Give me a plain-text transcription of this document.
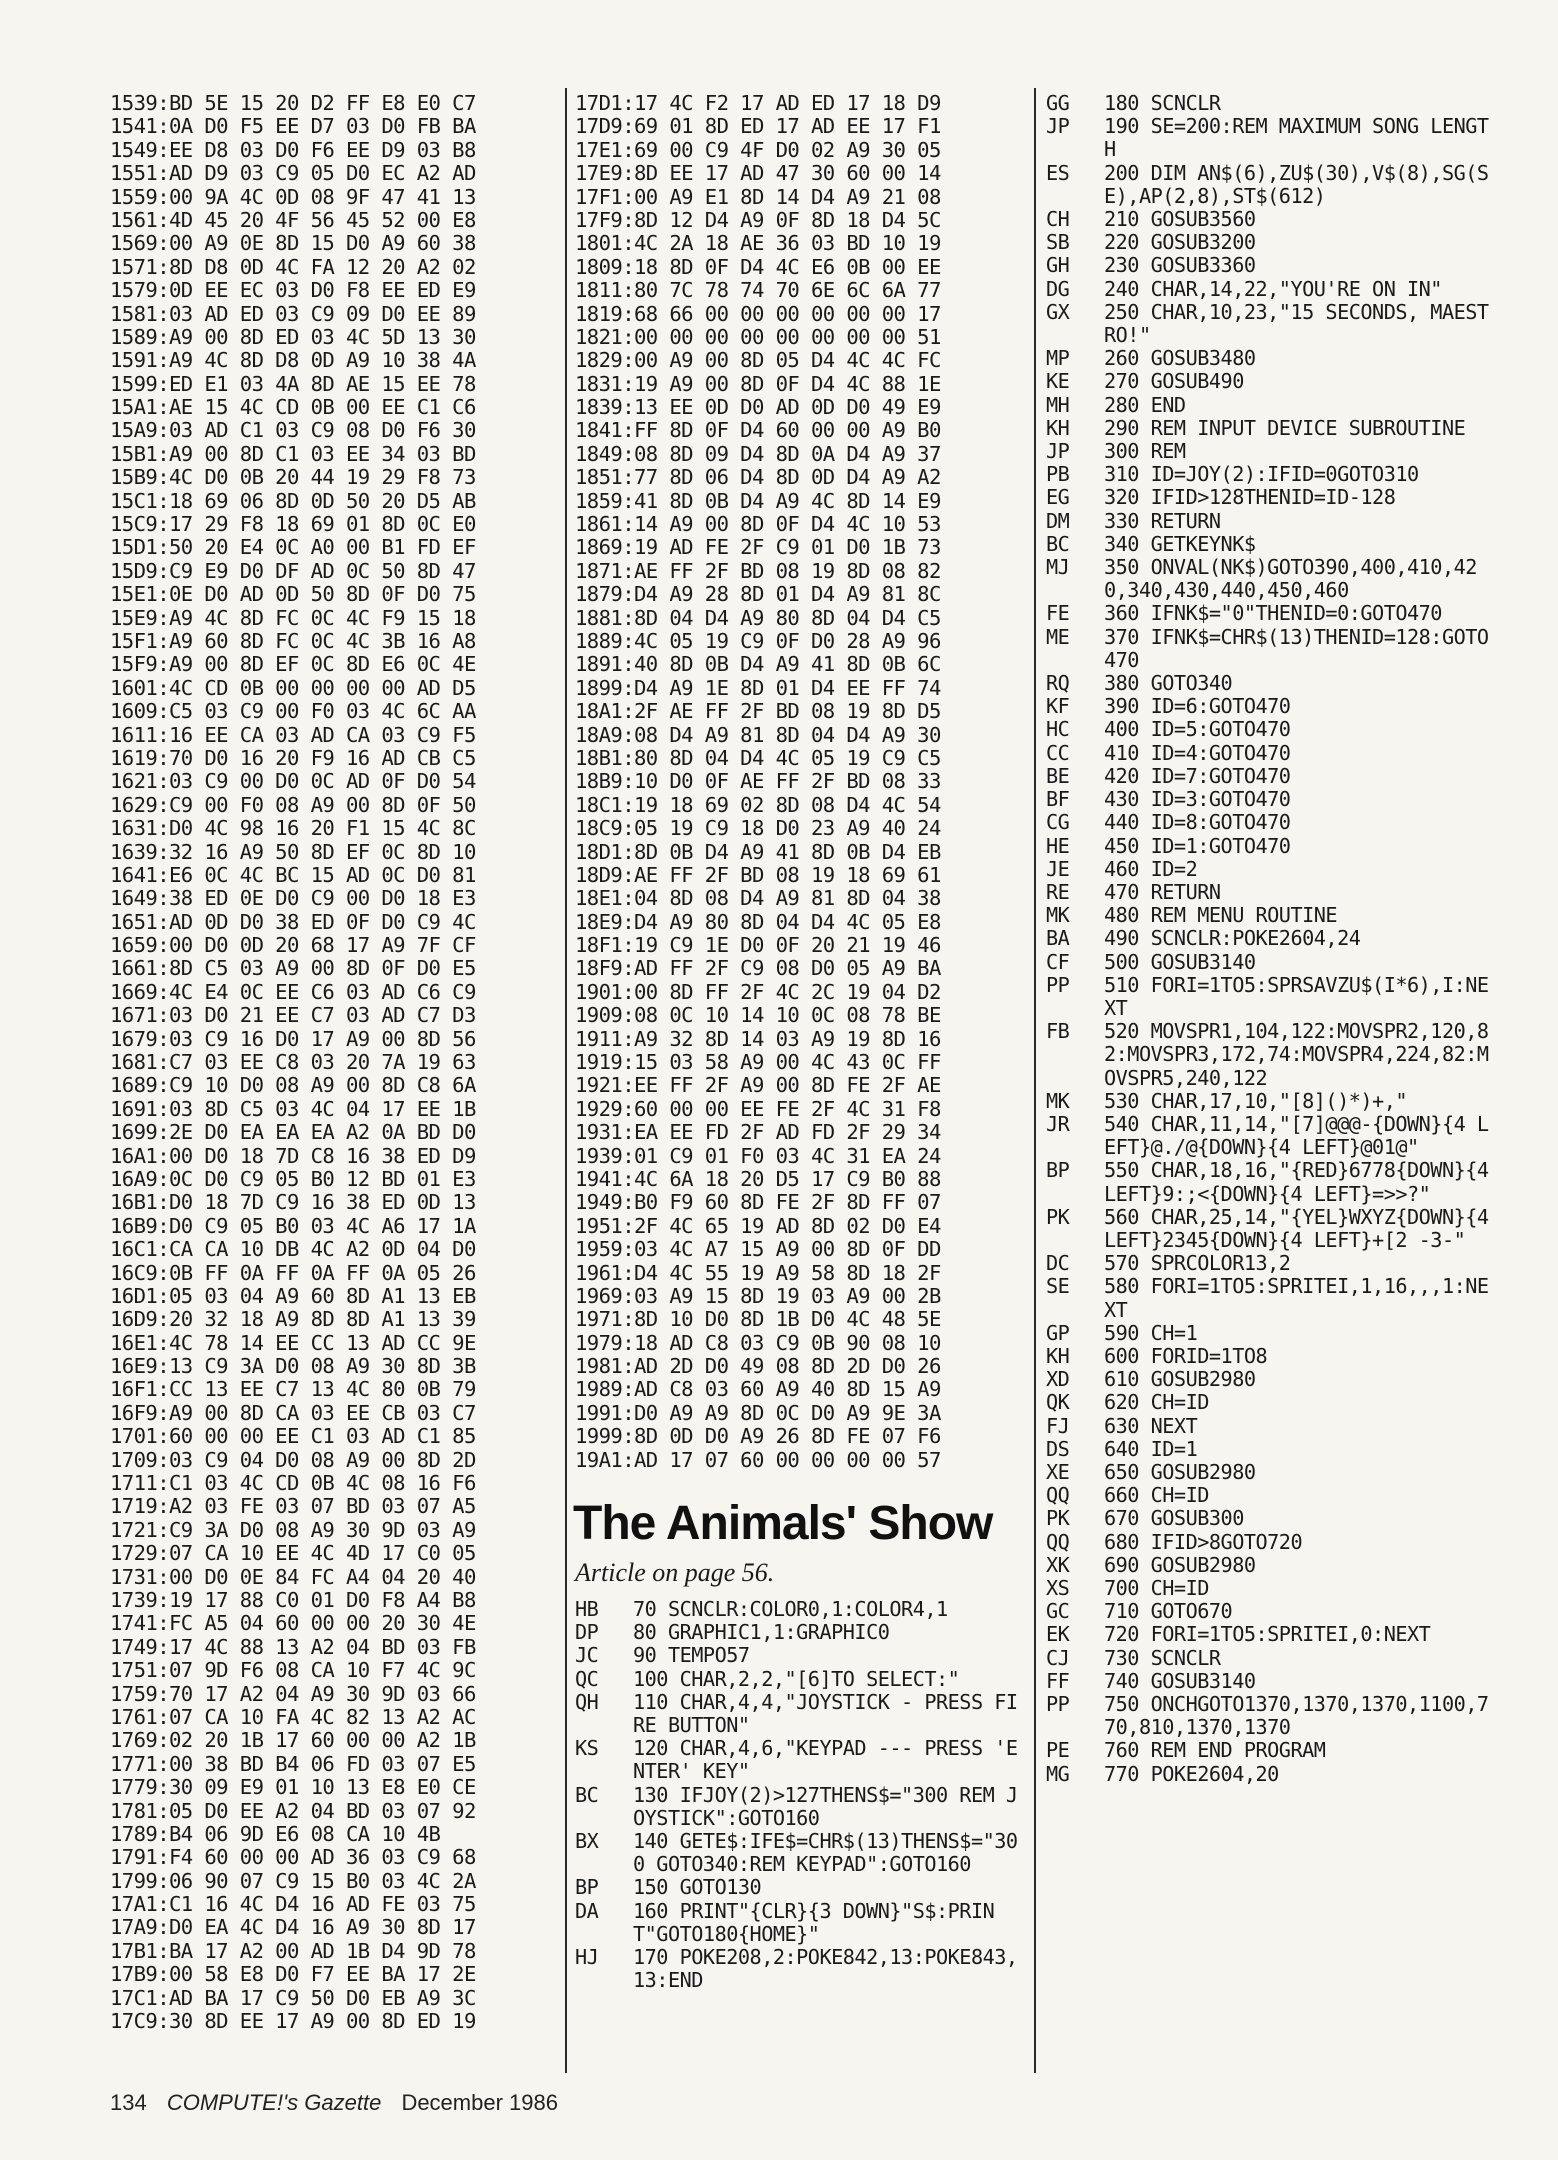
1539:BD 5E 15 20 D2 FF E8 E0 C7
1541:0A D0 F5 EE D7 03 D0 FB BA
1549:EE D8 03 D0 F6 EE D9 03 B8
1551:AD D9 03 C9 05 D0 EC A2 AD
1559:00 9A 4C 0D 08 9F 47 41 13
1561:4D 45 20 4F 56 45 52 00 E8
1569:00 A9 0E 8D 15 D0 A9 60 38
1571:8D D8 0D 4C FA 12 20 A2 02
1579:0D EE EC 03 D0 F8 EE ED E9
1581:03 AD ED 03 C9 09 D0 EE 89
1589:A9 00 8D ED 03 4C 5D 13 30
1591:A9 4C 8D D8 0D A9 10 38 4A
1599:ED E1 03 4A 8D AE 15 EE 78
15A1:AE 15 4C CD 0B 00 EE C1 C6
15A9:03 AD C1 03 C9 08 D0 F6 30
15B1:A9 00 8D C1 03 EE 34 03 BD
15B9:4C D0 0B 20 44 19 29 F8 73
15C1:18 69 06 8D 0D 50 20 D5 AB
15C9:17 29 F8 18 69 01 8D 0C E0
15D1:50 20 E4 0C A0 00 B1 FD EF
15D9:C9 E9 D0 DF AD 0C 50 8D 47
15E1:0E D0 AD 0D 50 8D 0F D0 75
15E9:A9 4C 8D FC 0C 4C F9 15 18
15F1:A9 60 8D FC 0C 4C 3B 16 A8
15F9:A9 00 8D EF 0C 8D E6 0C 4E
1601:4C CD 0B 00 00 00 00 AD D5
1609:C5 03 C9 00 F0 03 4C 6C AA
1611:16 EE CA 03 AD CA 03 C9 F5
1619:70 D0 16 20 F9 16 AD CB C5
1621:03 C9 00 D0 0C AD 0F D0 54
1629:C9 00 F0 08 A9 00 8D 0F 50
1631:D0 4C 98 16 20 F1 15 4C 8C
1639:32 16 A9 50 8D EF 0C 8D 10
1641:E6 0C 4C BC 15 AD 0C D0 81
1649:38 ED 0E D0 C9 00 D0 18 E3
1651:AD 0D D0 38 ED 0F D0 C9 4C
1659:00 D0 0D 20 68 17 A9 7F CF
1661:8D C5 03 A9 00 8D 0F D0 E5
1669:4C E4 0C EE C6 03 AD C6 C9
1671:03 D0 21 EE C7 03 AD C7 D3
1679:03 C9 16 D0 17 A9 00 8D 56
1681:C7 03 EE C8 03 20 7A 19 63
1689:C9 10 D0 08 A9 00 8D C8 6A
1691:03 8D C5 03 4C 04 17 EE 1B
1699:2E D0 EA EA EA A2 0A BD D0
16A1:00 D0 18 7D C8 16 38 ED D9
16A9:0C D0 C9 05 B0 12 BD 01 E3
16B1:D0 18 7D C9 16 38 ED 0D 13
16B9:D0 C9 05 B0 03 4C A6 17 1A
16C1:CA CA 10 DB 4C A2 0D 04 D0
16C9:0B FF 0A FF 0A FF 0A 05 26
16D1:05 03 04 A9 60 8D A1 13 EB
16D9:20 32 18 A9 8D 8D A1 13 39
16E1:4C 78 14 EE CC 13 AD CC 9E
16E9:13 C9 3A D0 08 A9 30 8D 3B
16F1:CC 13 EE C7 13 4C 80 0B 79
16F9:A9 00 8D CA 03 EE CB 03 C7
1701:60 00 00 EE C1 03 AD C1 85
1709:03 C9 04 D0 08 A9 00 8D 2D
1711:C1 03 4C CD 0B 4C 08 16 F6
1719:A2 03 FE 03 07 BD 03 07 A5
1721:C9 3A D0 08 A9 30 9D 03 A9
1729:07 CA 10 EE 4C 4D 17 C0 05
1731:00 D0 0E 84 FC A4 04 20 40
1739:19 17 88 C0 01 D0 F8 A4 B8
1741:FC A5 04 60 00 00 20 30 4E
1749:17 4C 88 13 A2 04 BD 03 FB
1751:07 9D F6 08 CA 10 F7 4C 9C
1759:70 17 A2 04 A9 30 9D 03 66
1761:07 CA 10 FA 4C 82 13 A2 AC
1769:02 20 1B 17 60 00 00 A2 1B
1771:00 38 BD B4 06 FD 03 07 E5
1779:30 09 E9 01 10 13 E8 E0 CE
1781:05 D0 EE A2 04 BD 03 07 92
1789:B4 06 9D E6 08 CA 10 4B
1791:F4 60 00 00 AD 36 03 C9 68
1799:06 90 07 C9 15 B0 03 4C 2A
17A1:C1 16 4C D4 16 AD FE 03 75
17A9:D0 EA 4C D4 16 A9 30 8D 17
17B1:BA 17 A2 00 AD 1B D4 9D 78
17B9:00 58 E8 D0 F7 EE BA 17 2E
17C1:AD BA 17 C9 50 D0 EB A9 3C
17C9:30 8D EE 17 A9 00 8D ED 19
17D1:17 4C F2 17 AD ED 17 18 D9
17D9:69 01 8D ED 17 AD EE 17 F1
17E1:69 00 C9 4F D0 02 A9 30 05
17E9:8D EE 17 AD 47 30 60 00 14
17F1:00 A9 E1 8D 14 D4 A9 21 08
17F9:8D 12 D4 A9 0F 8D 18 D4 5C
1801:4C 2A 18 AE 36 03 BD 10 19
1809:18 8D 0F D4 4C E6 0B 00 EE
1811:80 7C 78 74 70 6E 6C 6A 77
1819:68 66 00 00 00 00 00 00 17
1821:00 00 00 00 00 00 00 00 51
1829:00 A9 00 8D 05 D4 4C 4C FC
1831:19 A9 00 8D 0F D4 4C 88 1E
1839:13 EE 0D D0 AD 0D D0 49 E9
1841:FF 8D 0F D4 60 00 00 A9 B0
1849:08 8D 09 D4 8D 0A D4 A9 37
1851:77 8D 06 D4 8D 0D D4 A9 A2
1859:41 8D 0B D4 A9 4C 8D 14 E9
1861:14 A9 00 8D 0F D4 4C 10 53
1869:19 AD FE 2F C9 01 D0 1B 73
1871:AE FF 2F BD 08 19 8D 08 82
1879:D4 A9 28 8D 01 D4 A9 81 8C
1881:8D 04 D4 A9 80 8D 04 D4 C5
1889:4C 05 19 C9 0F D0 28 A9 96
1891:40 8D 0B D4 A9 41 8D 0B 6C
1899:D4 A9 1E 8D 01 D4 EE FF 74
18A1:2F AE FF 2F BD 08 19 8D D5
18A9:08 D4 A9 81 8D 04 D4 A9 30
18B1:80 8D 04 D4 4C 05 19 C9 C5
18B9:10 D0 0F AE FF 2F BD 08 33
18C1:19 18 69 02 8D 08 D4 4C 54
18C9:05 19 C9 18 D0 23 A9 40 24
18D1:8D 0B D4 A9 41 8D 0B D4 EB
18D9:AE FF 2F BD 08 19 18 69 61
18E1:04 8D 08 D4 A9 81 8D 04 38
18E9:D4 A9 80 8D 04 D4 4C 05 E8
18F1:19 C9 1E D0 0F 20 21 19 46
18F9:AD FF 2F C9 08 D0 05 A9 BA
1901:00 8D FF 2F 4C 2C 19 04 D2
1909:08 0C 10 14 10 0C 08 78 BE
1911:A9 32 8D 14 03 A9 19 8D 16
1919:15 03 58 A9 00 4C 43 0C FF
1921:EE FF 2F A9 00 8D FE 2F AE
1929:60 00 00 EE FE 2F 4C 31 F8
1931:EA EE FD 2F AD FD 2F 29 34
1939:01 C9 01 F0 03 4C 31 EA 24
1941:4C 6A 18 20 D5 17 C9 B0 88
1949:B0 F9 60 8D FE 2F 8D FF 07
1951:2F 4C 65 19 AD 8D 02 D0 E4
1959:03 4C A7 15 A9 00 8D 0F DD
1961:D4 4C 55 19 A9 58 8D 18 2F
1969:03 A9 15 8D 19 03 A9 00 2B
1971:8D 10 D0 8D 1B D0 4C 48 5E
1979:18 AD C8 03 C9 0B 90 08 10
1981:AD 2D D0 49 08 8D 2D D0 26
1989:AD C8 03 60 A9 40 8D 15 A9
1991:D0 A9 A9 8D 0C D0 A9 9E 3A
1999:8D 0D D0 A9 26 8D FE 07 F6
19A1:AD 17 07 60 00 00 00 00 57
The Animals' Show
Article on page 56.
HB	70 SCNCLR:COLOR0,1:COLOR4,1
DP	80 GRAPHIC1,1:GRAPHIC0
JC	90 TEMPO57
QC	100 CHAR,2,2,"[6]TO SELECT:"
QH	110 CHAR,4,4,"JOYSTICK - PRESS FIRE BUTTON"
KS	120 CHAR,4,6,"KEYPAD --- PRESS 'ENTER' KEY"
BC	130 IFJOY(2)>127THENS$="300 REM JOYSTICK":GOTO160
BX	140 GETE$:IFE$=CHR$(13)THENS$="300 GOTO340:REM KEYPAD":GOTO160
BP	150 GOTO130
DA	160 PRINT"{CLR}{3 DOWN}"S$:PRINT"GOTO180{HOME}"
HJ	170 POKE208,2:POKE842,13:POKE843,13:END
GG	180 SCNCLR
JP	190 SE=200:REM MAXIMUM SONG LENGTH
ES	200 DIM AN$(6),ZU$(30),V$(8),SG(SE),AP(2,8),ST$(612)
CH	210 GOSUB3560
SB	220 GOSUB3200
GH	230 GOSUB3360
DG	240 CHAR,14,22,"YOU'RE ON IN"
GX	250 CHAR,10,23,"15 SECONDS, MAESTRO!"
MP	260 GOSUB3480
KE	270 GOSUB490
MH	280 END
KH	290 REM INPUT DEVICE SUBROUTINE
JP	300 REM
PB	310 ID=JOY(2):IFID=0GOTO310
EG	320 IFID>128THENID=ID-128
DM	330 RETURN
BC	340 GETKEYNK$
MJ	350 ONVAL(NK$)GOTO390,400,410,420,340,430,440,450,460
FE	360 IFNK$="0"THENID=0:GOTO470
ME	370 IFNK$=CHR$(13)THENID=128:GOTO470
RQ	380 GOTO340
KF	390 ID=6:GOTO470
HC	400 ID=5:GOTO470
CC	410 ID=4:GOTO470
BE	420 ID=7:GOTO470
BF	430 ID=3:GOTO470
CG	440 ID=8:GOTO470
HE	450 ID=1:GOTO470
JE	460 ID=2
RE	470 RETURN
MK	480 REM MENU ROUTINE
BA	490 SCNCLR:POKE2604,24
CF	500 GOSUB3140
PP	510 FORI=1TO5:SPRSAVZU$(I*6),I:NEXT
FB	520 MOVSPR1,104,122:MOVSPR2,120,82:MOVSPR3,172,74:MOVSPR4,224,82:MOVSPR5,240,122
MK	530 CHAR,17,10,"[8]()*)+,"
JR	540 CHAR,11,14,"[7]@@@-{DOWN}{4 LEFT}@./@{DOWN}{4 LEFT}@01@"
BP	550 CHAR,18,16,"{RED}6778{DOWN}{4 LEFT}9:;<{DOWN}{4 LEFT}=>>?"
PK	560 CHAR,25,14,"{YEL}WXYZ{DOWN}{4 LEFT}2345{DOWN}{4 LEFT}+[2 -3-"
DC	570 SPRCOLOR13,2
SE	580 FORI=1TO5:SPRITEI,1,16,,,1:NEXT
GP	590 CH=1
KH	600 FORID=1TO8
XD	610 GOSUB2980
QK	620 CH=ID
FJ	630 NEXT
DS	640 ID=1
XE	650 GOSUB2980
QQ	660 CH=ID
PK	670 GOSUB300
QQ	680 IFID>8GOTO720
XK	690 GOSUB2980
XS	700 CH=ID
GC	710 GOTO670
EK	720 FORI=1TO5:SPRITEI,0:NEXT
CJ	730 SCNCLR
FF	740 GOSUB3140
PP	750 ONCHGOTO1370,1370,1370,1100,770,810,1370,1370
PE	760 REM END PROGRAM
MG	770 POKE2604,20
134 COMPUTE!'s Gazette December 1986
